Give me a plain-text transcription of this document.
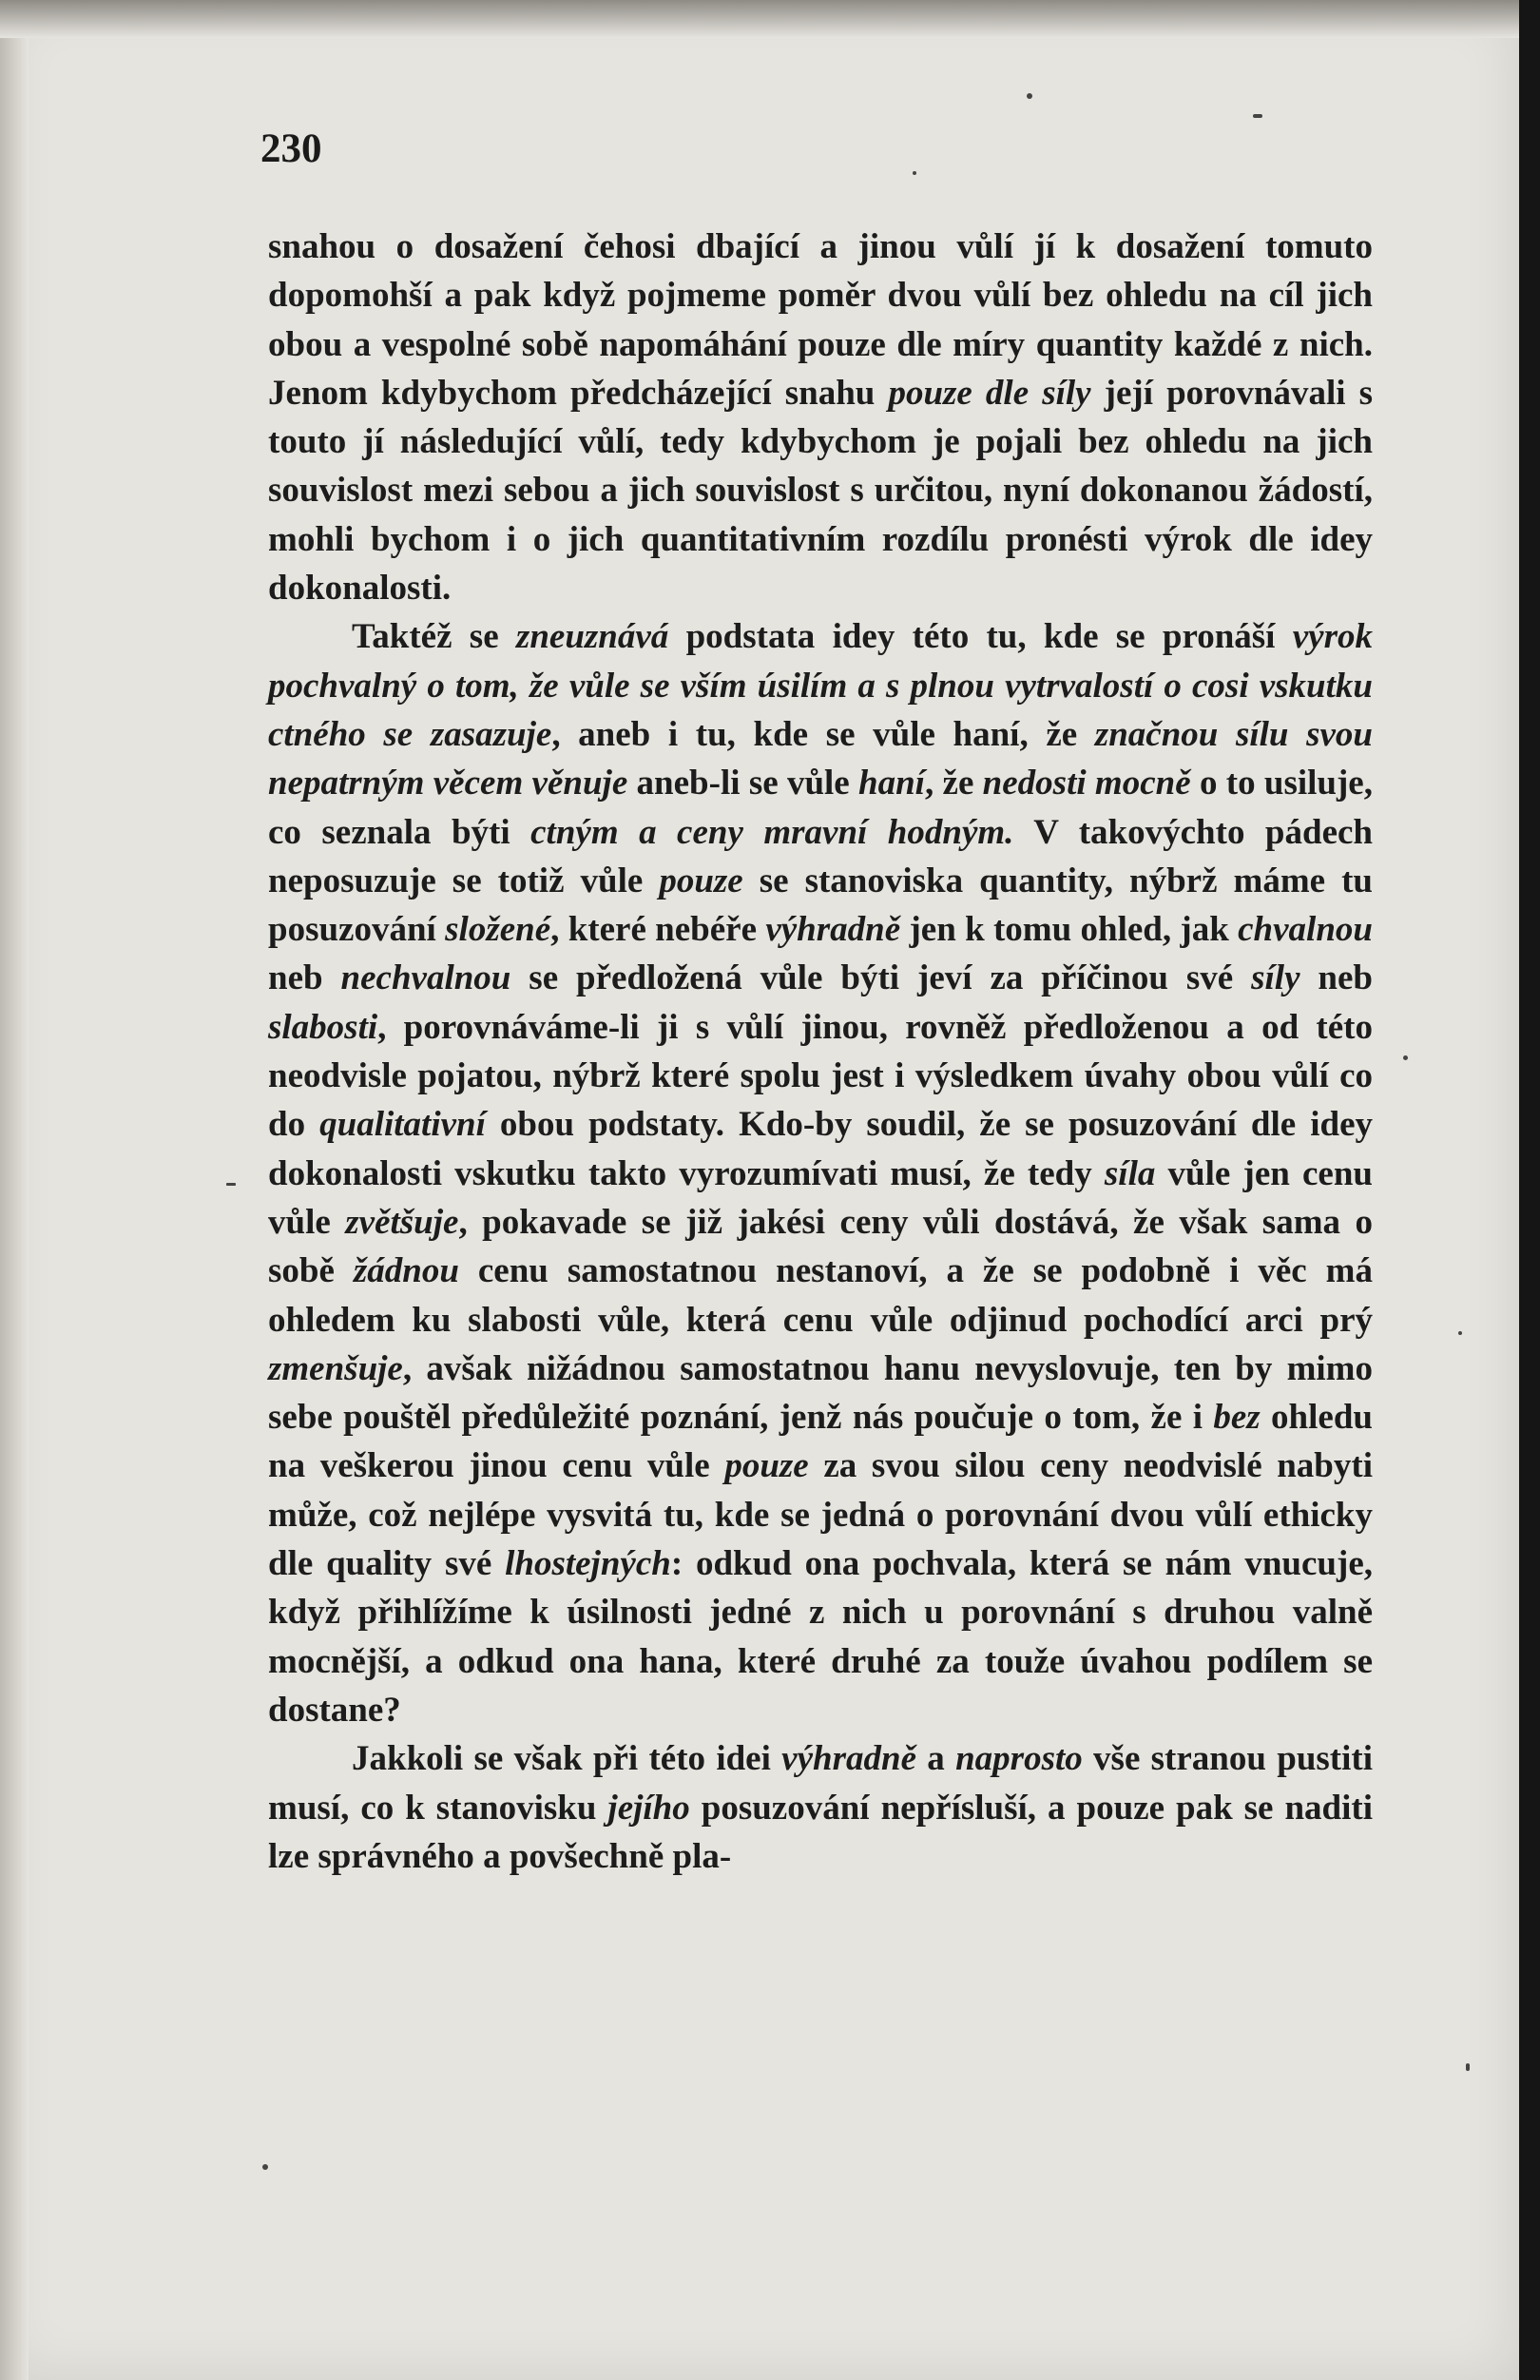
230

snahou o dosažení čehosi dbající a jinou vůlí jí k dosažení tomuto dopomohší a pak když pojmeme poměr dvou vůlí bez ohledu na cíl jich obou a vespolné sobě napomáhání pouze dle míry quantity každé z nich. Jenom kdybychom předcházející snahu pouze dle síly její porovnávali s touto jí následující vůlí, tedy kdybychom je pojali bez ohledu na jich souvislost mezi sebou a jich souvislost s určitou, nyní dokonanou žádostí, mohli bychom i o jich quantitativním rozdílu pronésti výrok dle idey dokonalosti.

Taktéž se zneuznává podstata idey této tu, kde se pronáší výrok pochvalný o tom, že vůle se vším úsilím a s plnou vytrvalostí o cosi vskutku ctného se zasazuje, aneb i tu, kde se vůle haní, že značnou sílu svou nepatrným věcem věnuje aneb-li se vůle haní, že nedosti mocně o to usiluje, co seznala býti ctným a ceny mravní hodným. V takovýchto pádech neposuzuje se totiž vůle pouze se stanoviska quantity, nýbrž máme tu posuzování složené, které nebéře výhradně jen k tomu ohled, jak chvalnou neb nechvalnou se předložená vůle býti jeví za příčinou své síly neb slabosti, porovnáváme-li ji s vůlí jinou, rovněž předloženou a od této neodvisle pojatou, nýbrž které spolu jest i výsledkem úvahy obou vůlí co do qualitativní obou podstaty. Kdo-by soudil, že se posuzování dle idey dokonalosti vskutku takto vyrozumívati musí, že tedy síla vůle jen cenu vůle zvětšuje, pokavade se již jakési ceny vůli dostává, že však sama o sobě žádnou cenu samostatnou nestanoví, a že se podobně i věc má ohledem ku slabosti vůle, která cenu vůle odjinud pochodící arci prý zmenšuje, avšak nižádnou samostatnou hanu nevyslovuje, ten by mimo sebe pouštěl předůležité poznání, jenž nás poučuje o tom, že i bez ohledu na veškerou jinou cenu vůle pouze za svou silou ceny neodvislé nabyti může, což nejlépe vysvitá tu, kde se jedná o porovnání dvou vůlí ethicky dle quality své lhostejných: odkud ona pochvala, která se nám vnucuje, když přihlížíme k úsilnosti jedné z nich u porovnání s druhou valně mocnější, a odkud ona hana, které druhé za touže úvahou podílem se dostane?

Jakkoli se však při této idei výhradně a naprosto vše stranou pustiti musí, co k stanovisku jejího posuzování nepřísluší, a pouze pak se naditi lze správného a povšechně pla-
